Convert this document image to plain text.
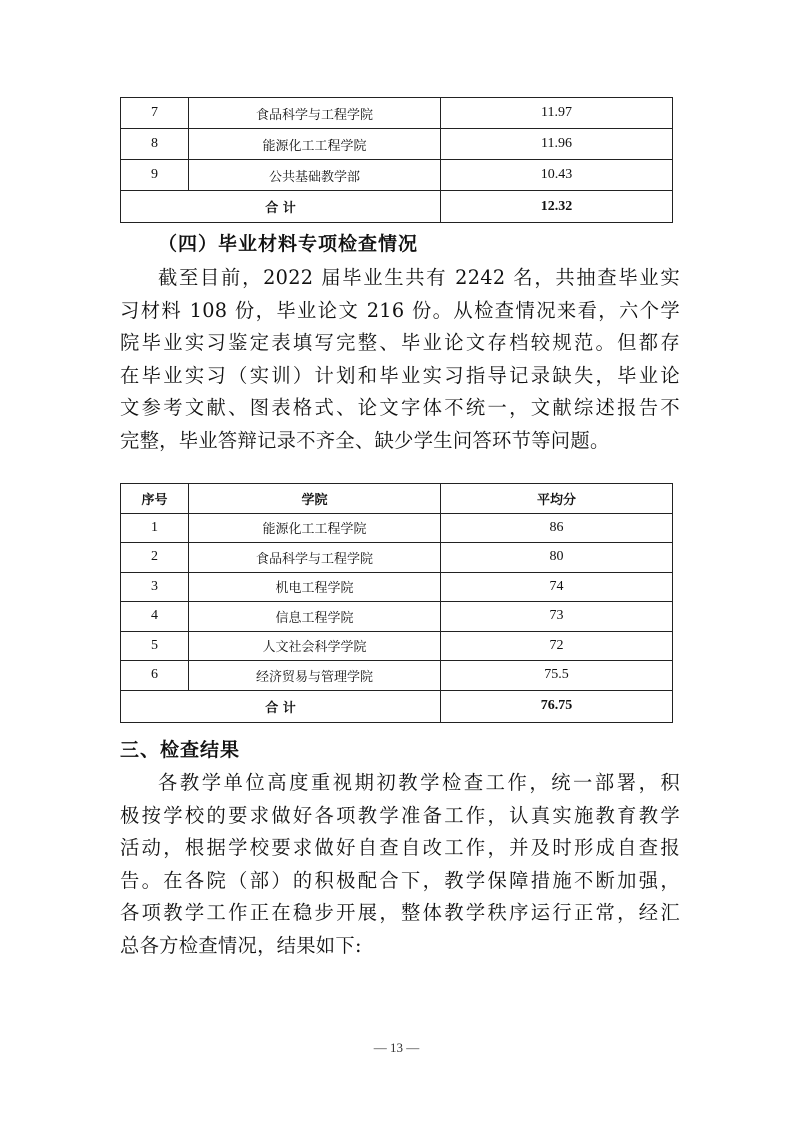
7	食品科学与工程学院	11.97
8	能源化工工程学院	11.96
9	公共基础教学部	10.43
合 计		12.32
（四）毕业材料专项检查情况
截至目前，2022 届毕业生共有 2242 名，共抽查毕业实
习材料 108 份，毕业论文 216 份。从检查情况来看，六个学
院毕业实习鉴定表填写完整、毕业论文存档较规范。但都存
在毕业实习（实训）计划和毕业实习指导记录缺失，毕业论
文参考文献、图表格式、论文字体不统一，文献综述报告不
完整，毕业答辩记录不齐全、缺少学生问答环节等问题。
序号	学院	平均分
1	能源化工工程学院	86
2	食品科学与工程学院	80
3	机电工程学院	74
4	信息工程学院	73
5	人文社会科学学院	72
6	经济贸易与管理学院	75.5
合 计		76.75
三、检查结果
各教学单位高度重视期初教学检查工作，统一部署，积
极按学校的要求做好各项教学准备工作，认真实施教育教学
活动，根据学校要求做好自查自改工作，并及时形成自查报
告。在各院（部）的积极配合下，教学保障措施不断加强，
各项教学工作正在稳步开展，整体教学秩序运行正常，经汇
总各方检查情况，结果如下:
— 13 —
